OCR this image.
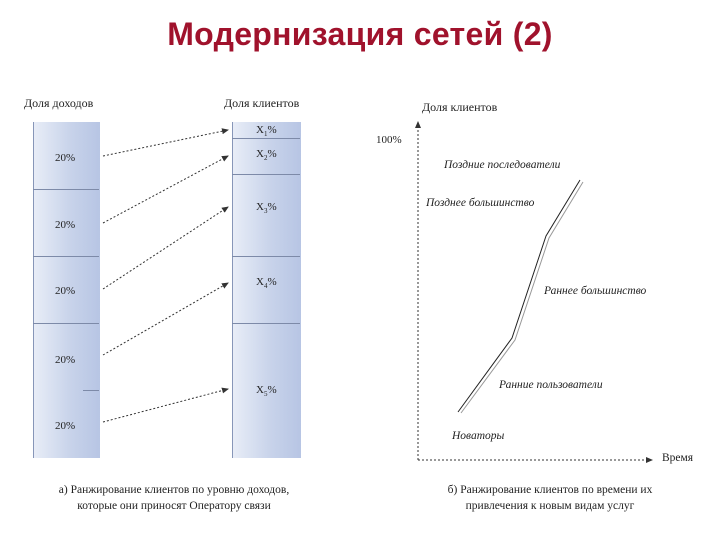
Модернизация сетей (2)
Доля доходов	Доля клиентов
20%
20%
20%
20%
20%
$X_1\%$
$X_2\%$
$X_3\%$
$X_4\%$
$X_5\%$
Доля клиентов
100%
Время
Поздние последователи
Позднее большинство
Раннее большинство
Ранние пользователи
Новаторы
а) Ранжирование клиентов по уровню доходов,
которые они приносят Оператору связи
б) Ранжирование клиентов по времени их
привлечения к новым видам услуг
